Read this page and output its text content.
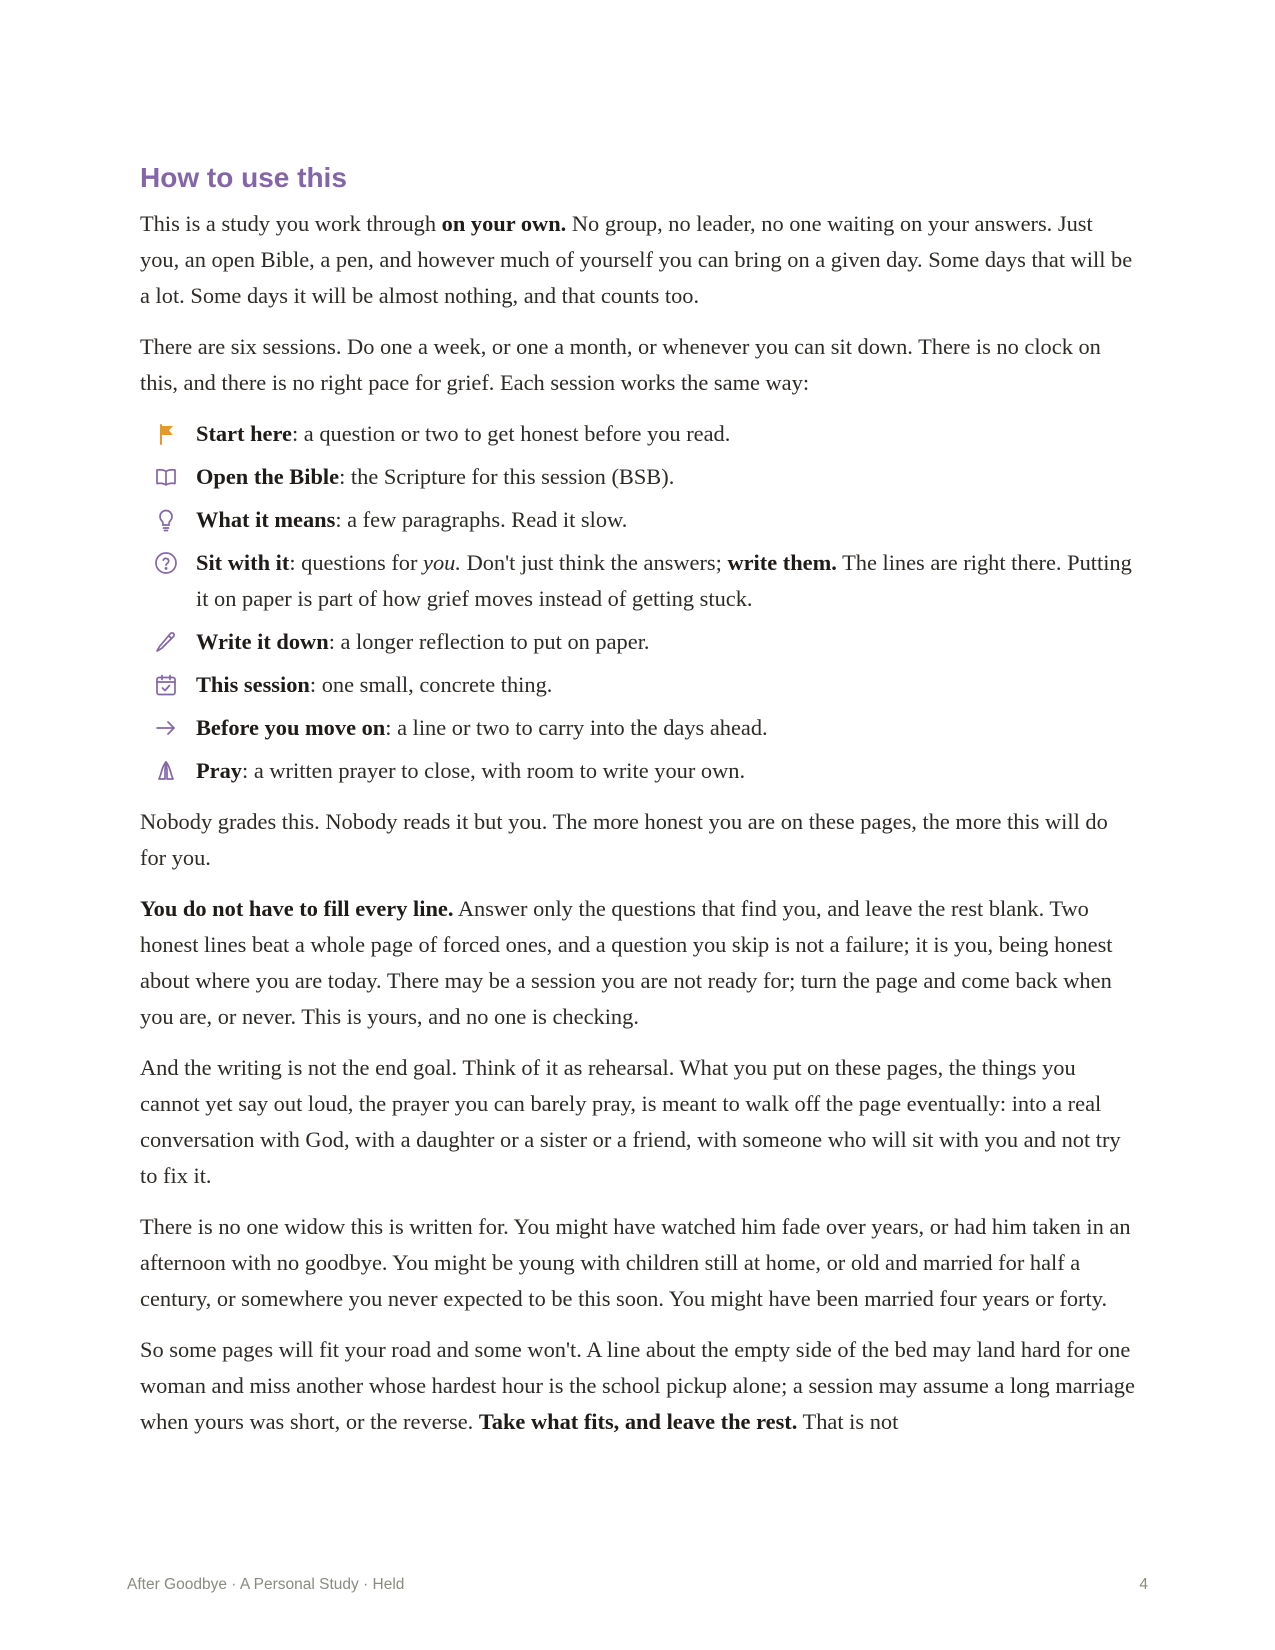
How to use this

This is a study you work through on your own. No group, no leader, no one waiting on your answers. Just you, an open Bible, a pen, and however much of yourself you can bring on a given day. Some days that will be a lot. Some days it will be almost nothing, and that counts too.

There are six sessions. Do one a week, or one a month, or whenever you can sit down. There is no clock on this, and there is no right pace for grief. Each session works the same way:

Start here: a question or two to get honest before you read.
Open the Bible: the Scripture for this session (BSB).
What it means: a few paragraphs. Read it slow.
Sit with it: questions for you. Don't just think the answers; write them. The lines are right there. Putting it on paper is part of how grief moves instead of getting stuck.
Write it down: a longer reflection to put on paper.
This session: one small, concrete thing.
Before you move on: a line or two to carry into the days ahead.
Pray: a written prayer to close, with room to write your own.

Nobody grades this. Nobody reads it but you. The more honest you are on these pages, the more this will do for you.

You do not have to fill every line. Answer only the questions that find you, and leave the rest blank. Two honest lines beat a whole page of forced ones, and a question you skip is not a failure; it is you, being honest about where you are today. There may be a session you are not ready for; turn the page and come back when you are, or never. This is yours, and no one is checking.

And the writing is not the end goal. Think of it as rehearsal. What you put on these pages, the things you cannot yet say out loud, the prayer you can barely pray, is meant to walk off the page eventually: into a real conversation with God, with a daughter or a sister or a friend, with someone who will sit with you and not try to fix it.

There is no one widow this is written for. You might have watched him fade over years, or had him taken in an afternoon with no goodbye. You might be young with children still at home, or old and married for half a century, or somewhere you never expected to be this soon. You might have been married four years or forty.

So some pages will fit your road and some won't. A line about the empty side of the bed may land hard for one woman and miss another whose hardest hour is the school pickup alone; a session may assume a long marriage when yours was short, or the reverse. Take what fits, and leave the rest. That is not

After Goodbye · A Personal Study · Held	4
